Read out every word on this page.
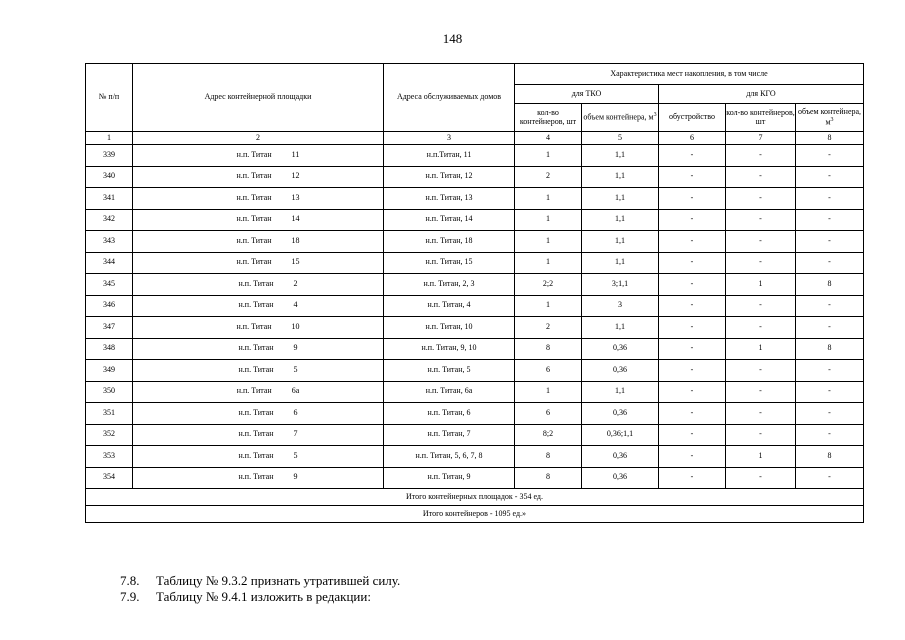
148
№ п/п	Адрес контейнерной площадки	Адреса обслуживаемых домов	Характеристика мест накопления, в том числе				
			для ТКО		для КГО		
			кол-во контейнеров, шт	объем контейнера, $м^3$	обустройство	кол-во контейнеров, шт	объем контейнера, $м^3$
1	2	3	4	5	6	7	8
339	н.п. Титан 11	н.п.Титан, 11	1	1,1	-	-	-
340	н.п. Титан 12	н.п. Титан, 12	2	1,1	-	-	-
341	н.п. Титан 13	н.п. Титан, 13	1	1,1	-	-	-
342	н.п. Титан 14	н.п. Титан, 14	1	1,1	-	-	-
343	н.п. Титан 18	н.п. Титан, 18	1	1,1	-	-	-
344	н.п. Титан 15	н.п. Титан, 15	1	1,1	-	-	-
345	н.п. Титан 2	н.п. Титан, 2, 3	2;2	3;1,1	-	1	8
346	н.п. Титан 4	н.п. Титан, 4	1	3	-	-	-
347	н.п. Титан 10	н.п. Титан, 10	2	1,1	-	-	-
348	н.п. Титан 9	н.п. Титан, 9, 10	8	0,36	-	1	8
349	н.п. Титан 5	н.п. Титан, 5	6	0,36	-	-	-
350	н.п. Титан 6а	н.п. Титан, 6а	1	1,1	-	-	-
351	н.п. Титан 6	н.п. Титан, 6	6	0,36	-	-	-
352	н.п. Титан 7	н.п. Титан, 7	8;2	0,36;1,1	-	-	-
353	н.п. Титан 5	н.п. Титан, 5, 6, 7, 8	8	0,36	-	1	8
354	н.п. Титан 9	н.п. Титан, 9	8	0,36	-	-	-
Итого контейнерных площадок - 354 ед.							
Итого контейнеров - 1095 ед.»							
7.8. Таблицу № 9.3.2 признать утратившей силу.
7.9. Таблицу № 9.4.1 изложить в редакции:
